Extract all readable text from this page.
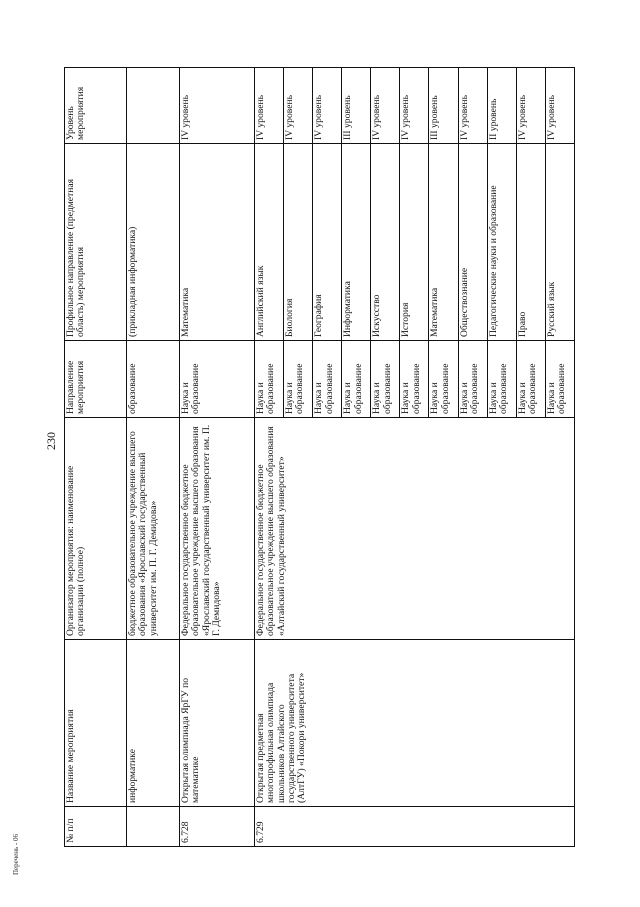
230
Перечень - 06
№ п/п	Название мероприятия	Организатор мероприятия: наименование организации (полное)	Направление мероприятия	Профильное направление (предметная область) мероприятия	Уровень мероприятия
	информатике	бюджетное образовательное учреждение высшего образования «Ярославский государственный университет им. П. Г. Демидова»	образование	(прикладная информатика)	
6.728	Открытая олимпиада ЯрГУ по математике	Федеральное государственное бюджетное образовательное учреждение высшего образования «Ярославский государственный университет им. П. Г. Демидова»	Наука и образование	Математика	IV уровень
6.729	Открытая предметная многопрофильная олимпиада школьников Алтайского государственного университета (АлтГУ) «Покори университет»	Федеральное государственное бюджетное образовательное учреждение высшего образования «Алтайский государственный университет»	Наука и образование	Английский язык	IV уровень
			Наука и образование	Биология	IV уровень
			Наука и образование	География	IV уровень
			Наука и образование	Информатика	III уровень
			Наука и образование	Искусство	IV уровень
			Наука и образование	История	IV уровень
			Наука и образование	Математика	III уровень
			Наука и образование	Обществознание	IV уровень
			Наука и образование	Педагогические науки и образование	II уровень
			Наука и образование	Право	IV уровень
			Наука и образование	Русский язык	IV уровень
